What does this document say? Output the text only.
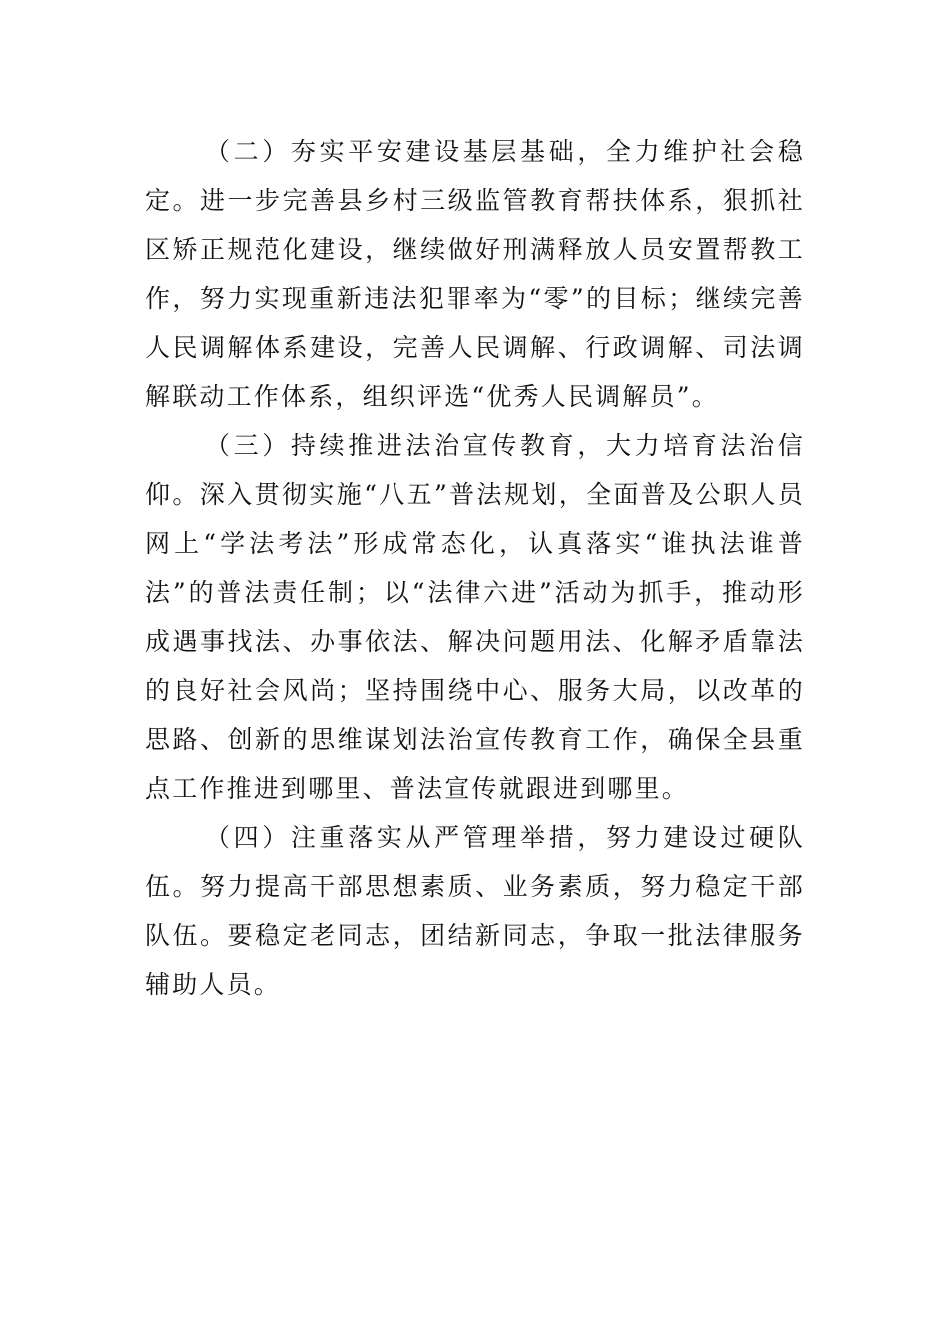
（二）夯实平安建设基层基础，全力维护社会稳定。进一步完善县乡村三级监管教育帮扶体系，狠抓社区矫正规范化建设，继续做好刑满释放人员安置帮教工作，努力实现重新违法犯罪率为“零”的目标；继续完善人民调解体系建设，完善人民调解、行政调解、司法调解联动工作体系，组织评选“优秀人民调解员”。

（三）持续推进法治宣传教育，大力培育法治信仰。深入贯彻实施“八五”普法规划，全面普及公职人员网上“学法考法”形成常态化，认真落实“谁执法谁普法”的普法责任制；以“法律六进”活动为抓手，推动形成遇事找法、办事依法、解决问题用法、化解矛盾靠法的良好社会风尚；坚持围绕中心、服务大局，以改革的思路、创新的思维谋划法治宣传教育工作，确保全县重点工作推进到哪里、普法宣传就跟进到哪里。

（四）注重落实从严管理举措，努力建设过硬队伍。努力提高干部思想素质、业务素质，努力稳定干部队伍。要稳定老同志，团结新同志，争取一批法律服务辅助人员。
